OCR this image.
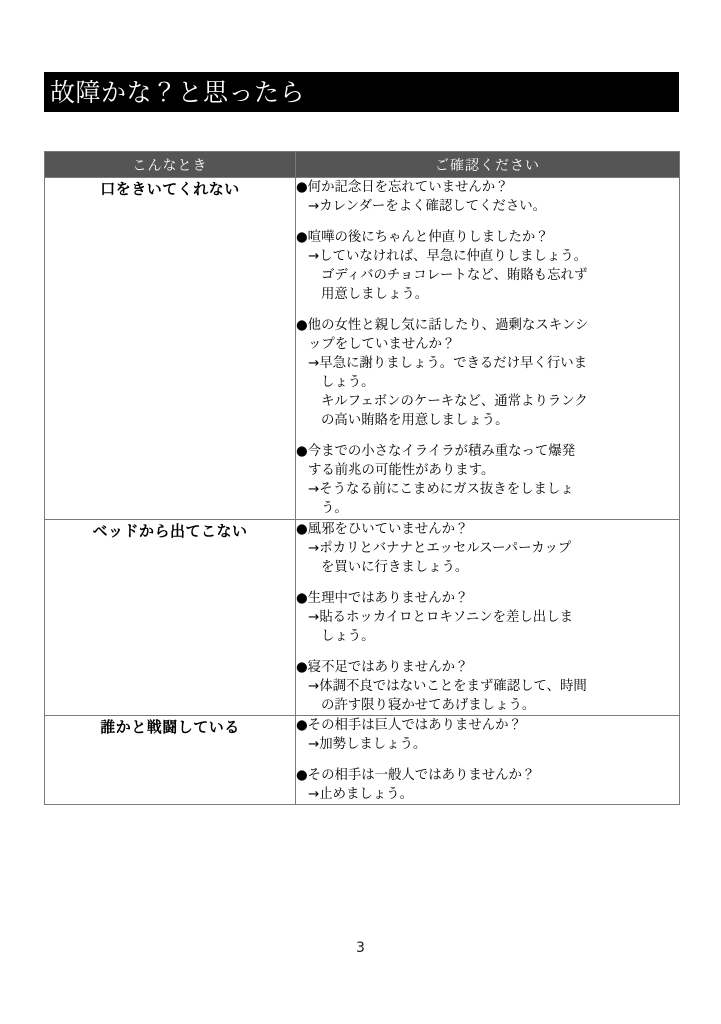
故障かな？と思ったら
こんなとき	ご確認ください
口をきいてくれない	●何か記念日を忘れていませんか？
→カレンダーをよく確認してください。
●喧嘩の後にちゃんと仲直りしましたか？
→していなければ、早急に仲直りしましょう。
ゴディバのチョコレートなど、賄賂も忘れず
用意しましょう。
●他の女性と親し気に話したり、過剰なスキンシ
ップをしていませんか？
→早急に謝りましょう。できるだけ早く行いま
しょう。
キルフェボンのケーキなど、通常よりランク
の高い賄賂を用意しましょう。
●今までの小さなイライラが積み重なって爆発
する前兆の可能性があります。
→そうなる前にこまめにガス抜きをしましょ
う。

ベッドから出てこない	●風邪をひいていませんか？
→ポカリとバナナとエッセルスーパーカップ
を買いに行きましょう。
●生理中ではありませんか？
→貼るホッカイロとロキソニンを差し出しま
しょう。
●寝不足ではありませんか？
→体調不良ではないことをまず確認して、時間
の許す限り寝かせてあげましょう。

誰かと戦闘している	●その相手は巨人ではありませんか？
→加勢しましょう。
●その相手は一般人ではありませんか？
→止めましょう。
3
